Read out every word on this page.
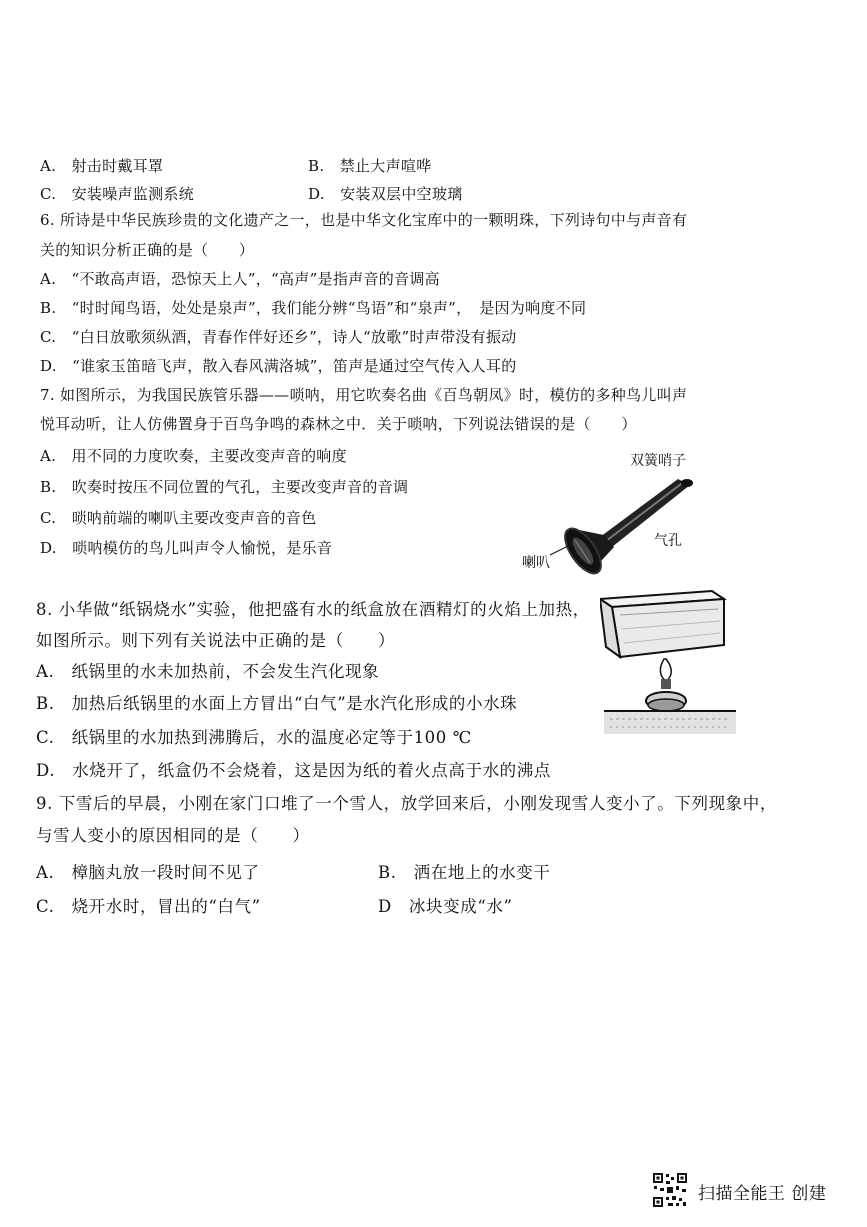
A.　射击时戴耳罩	B.　禁止大声喧哗
C.　安装噪声监测系统	D.　安装双层中空玻璃
6. 所诗是中华民族珍贵的文化遗产之一，也是中华文化宝库中的一颗明珠，下列诗句中与声音有
关的知识分析正确的是（　　）
A.　“不敢高声语，恐惊天上人”，“高声”是指声音的音调高
B.　“时时闻鸟语，处处是泉声”，我们能分辨“鸟语”和“泉声”，　是因为响度不同
C.　“白日放歌须纵酒，青春作伴好还乡”，诗人“放歌”时声带没有振动
D.　“谁家玉笛暗飞声，散入春风满洛城”，笛声是通过空气传入人耳的
7. 如图所示，为我国民族管乐器——唢呐，用它吹奏名曲《百鸟朝凤》时，模仿的多种鸟儿叫声
悦耳动听，让人仿佛置身于百鸟争鸣的森林之中．关于唢呐，下列说法错误的是（　　）
A.　用不同的力度吹奏，主要改变声音的响度
B.　吹奏时按压不同位置的气孔，主要改变声音的音调
C.　唢呐前端的喇叭主要改变声音的音色
D.　唢呐模仿的鸟儿叫声令人愉悦，是乐音
双簧哨子
气孔
喇叭
8. 小华做“纸锅烧水”实验，他把盛有水的纸盒放在酒精灯的火焰上加热，
如图所示。则下列有关说法中正确的是（　　）
A.　纸锅里的水未加热前，不会发生汽化现象
B.　加热后纸锅里的水面上方冒出“白气”是水汽化形成的小水珠
C.　纸锅里的水加热到沸腾后，水的温度必定等于100 ℃
D.　水烧开了，纸盒仍不会烧着，这是因为纸的着火点高于水的沸点
9. 下雪后的早晨，小刚在家门口堆了一个雪人，放学回来后，小刚发现雪人变小了。下列现象中，
与雪人变小的原因相同的是（　　）
A.　樟脑丸放一段时间不见了	B.　洒在地上的水变干
C.　烧开水时，冒出的“白气”	D　冰块变成“水”
扫描全能王 创建
